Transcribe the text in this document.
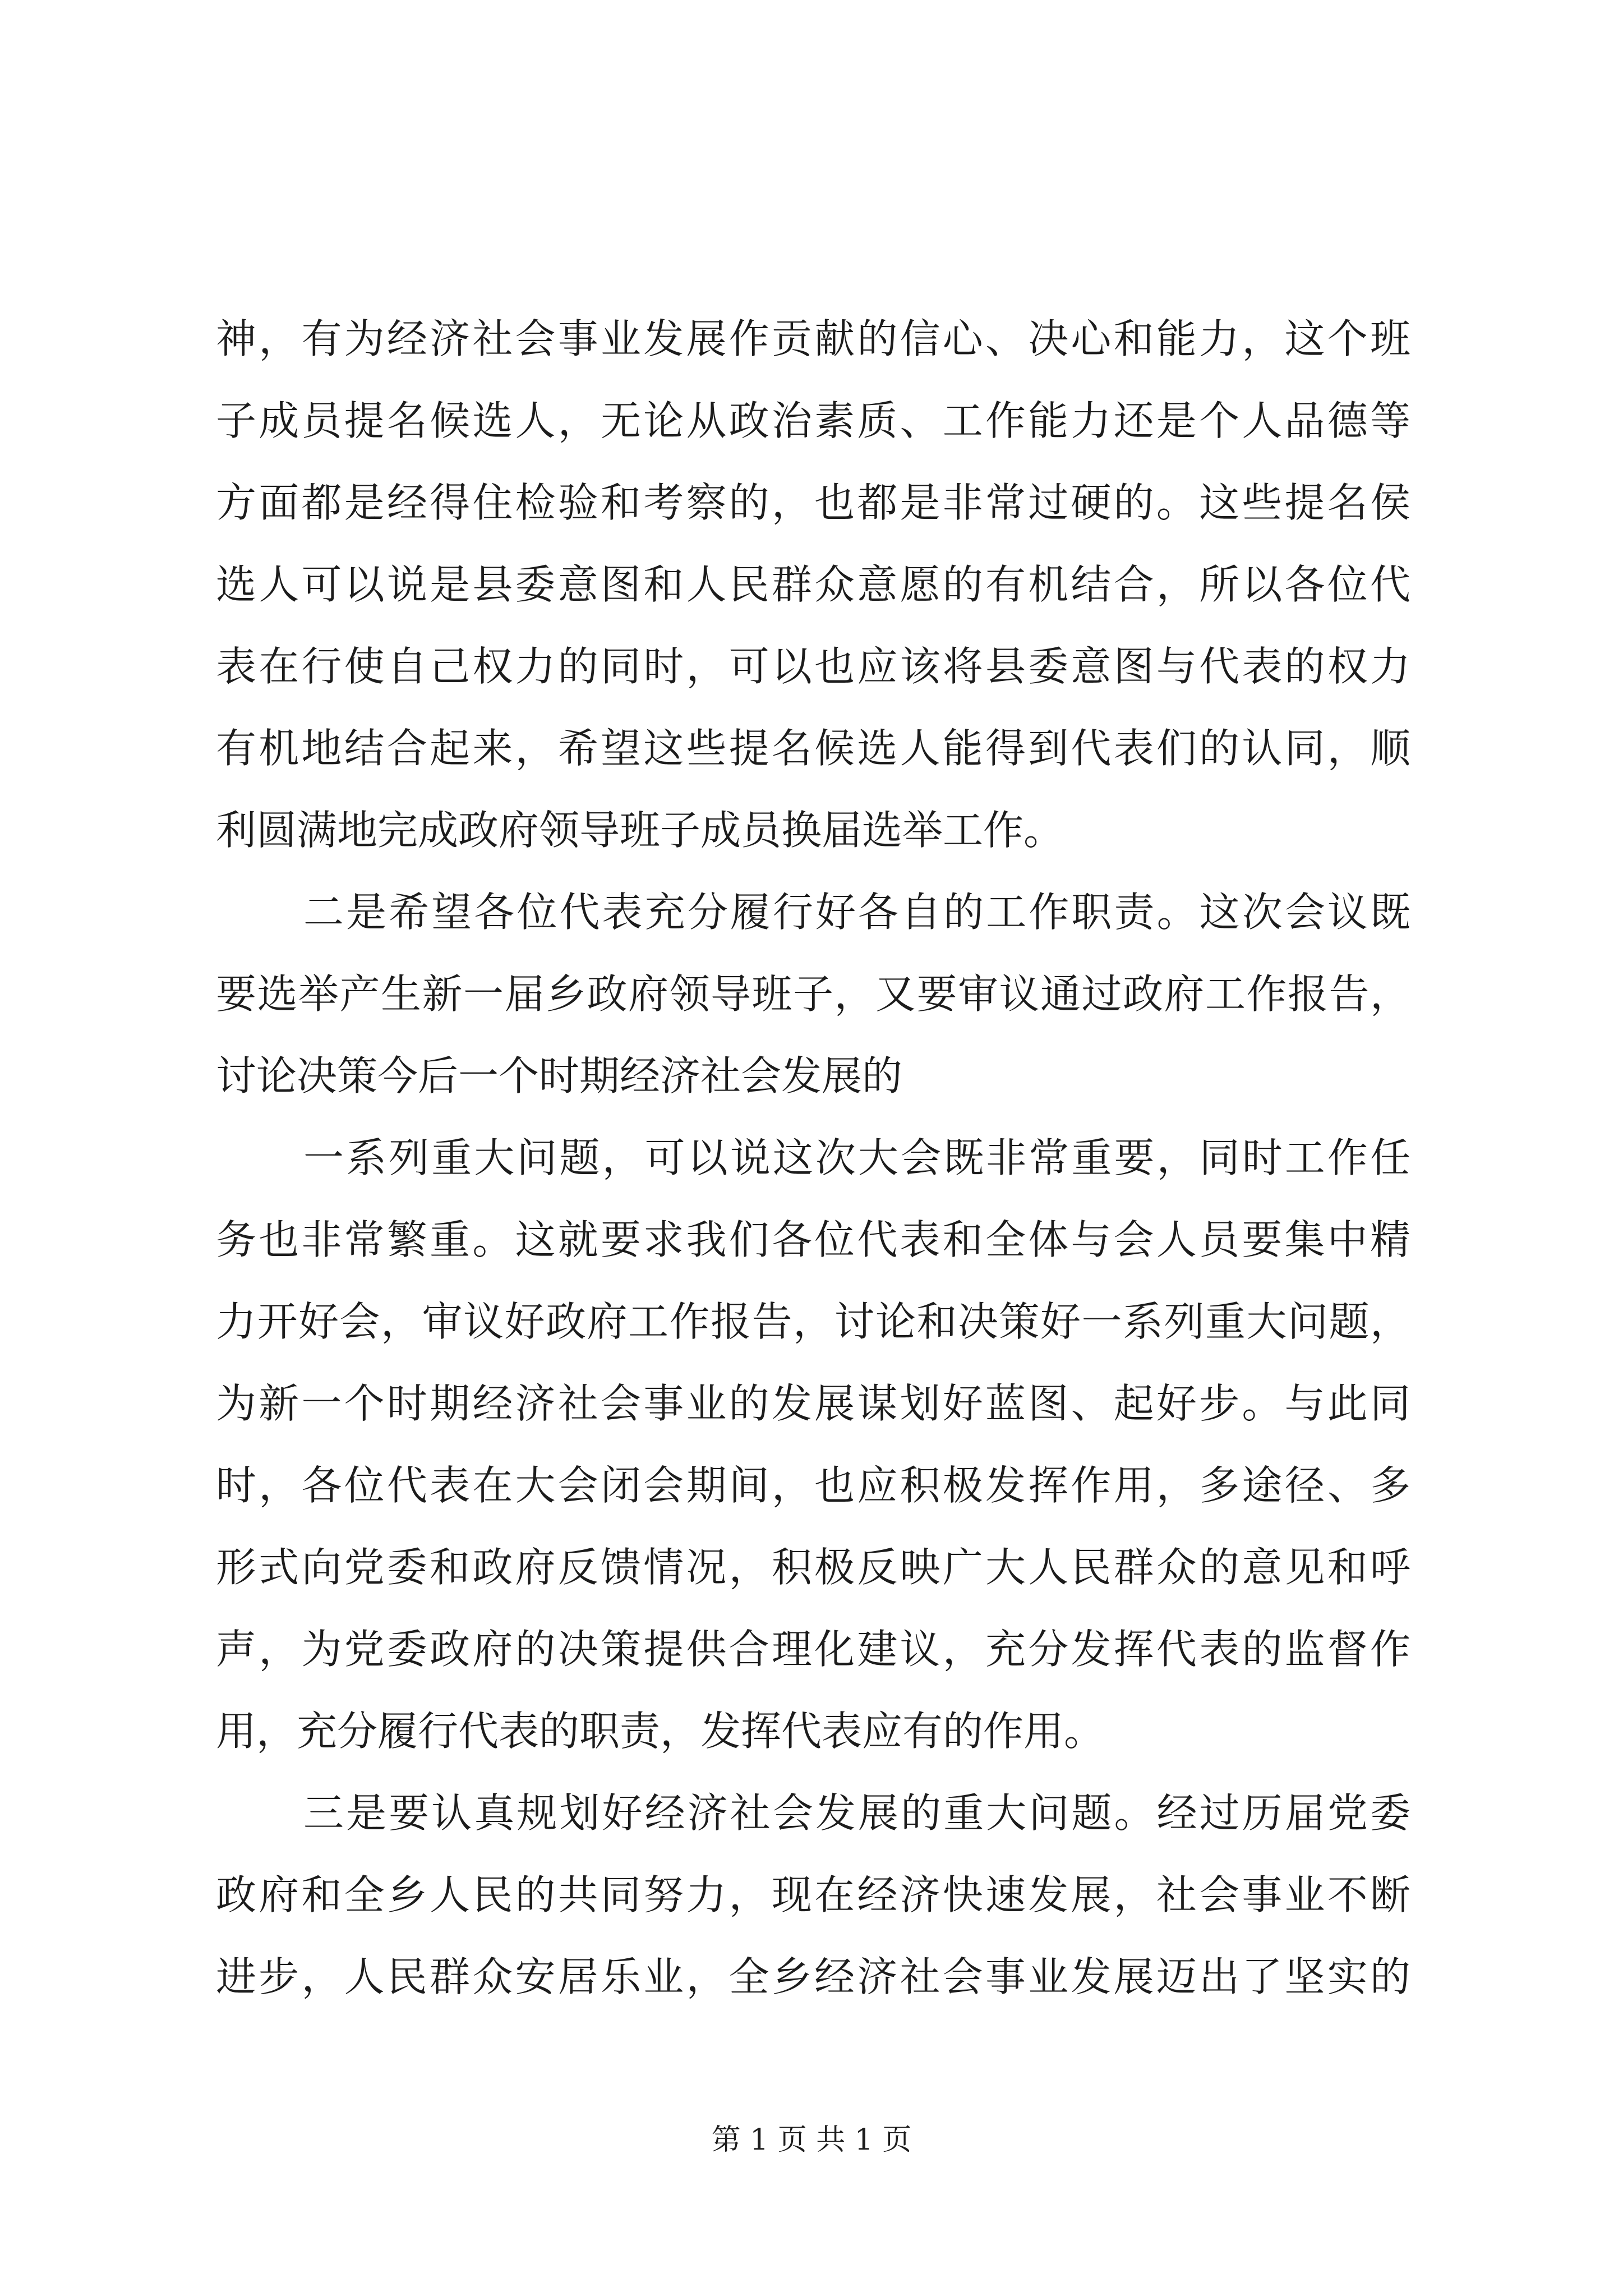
神，有为经济社会事业发展作贡献的信心、决心和能力，这个班
子成员提名候选人，无论从政治素质、工作能力还是个人品德等
方面都是经得住检验和考察的，也都是非常过硬的。这些提名侯
选人可以说是县委意图和人民群众意愿的有机结合，所以各位代
表在行使自己权力的同时，可以也应该将县委意图与代表的权力
有机地结合起来，希望这些提名候选人能得到代表们的认同，顺
利圆满地完成政府领导班子成员换届选举工作。
二是希望各位代表充分履行好各自的工作职责。这次会议既
要选举产生新一届乡政府领导班子，又要审议通过政府工作报告，
讨论决策今后一个时期经济社会发展的
一系列重大问题，可以说这次大会既非常重要，同时工作任
务也非常繁重。这就要求我们各位代表和全体与会人员要集中精
力开好会，审议好政府工作报告，讨论和决策好一系列重大问题，
为新一个时期经济社会事业的发展谋划好蓝图、起好步。与此同
时，各位代表在大会闭会期间，也应积极发挥作用，多途径、多
形式向党委和政府反馈情况，积极反映广大人民群众的意见和呼
声，为党委政府的决策提供合理化建议，充分发挥代表的监督作
用，充分履行代表的职责，发挥代表应有的作用。
三是要认真规划好经济社会发展的重大问题。经过历届党委
政府和全乡人民的共同努力，现在经济快速发展，社会事业不断
进步，人民群众安居乐业，全乡经济社会事业发展迈出了坚实的
第 1 页 共 1 页
